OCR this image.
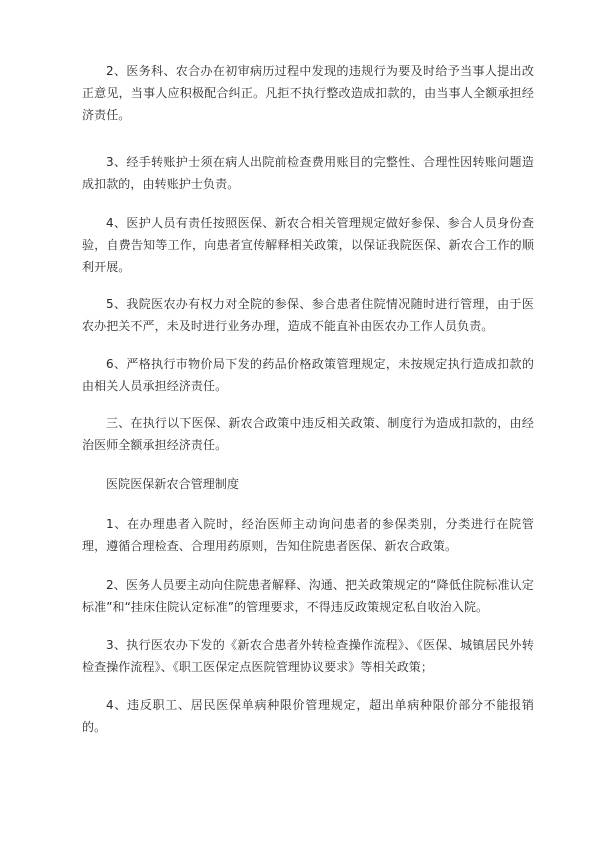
2、医务科、农合办在初审病历过程中发现的违规行为要及时给予当事人提出改正意见，当事人应积极配合纠正。凡拒不执行整改造成扣款的，由当事人全额承担经济责任。

3、经手转账护士须在病人出院前检查费用账目的完整性、合理性因转账问题造成扣款的，由转账护士负责。

4、医护人员有责任按照医保、新农合相关管理规定做好参保、参合人员身份查验，自费告知等工作，向患者宣传解释相关政策，以保证我院医保、新农合工作的顺利开展。

5、我院医农办有权力对全院的参保、参合患者住院情况随时进行管理，由于医农办把关不严，未及时进行业务办理，造成不能直补由医农办工作人员负责。

6、严格执行市物价局下发的药品价格政策管理规定，未按规定执行造成扣款的由相关人员承担经济责任。

三、在执行以下医保、新农合政策中违反相关政策、制度行为造成扣款的，由经治医师全额承担经济责任。

医院医保新农合管理制度

1、在办理患者入院时，经治医师主动询问患者的参保类别，分类进行在院管理，遵循合理检查、合理用药原则，告知住院患者医保、新农合政策。

2、医务人员要主动向住院患者解释、沟通、把关政策规定的“降低住院标准认定标准”和“挂床住院认定标准”的管理要求，不得违反政策规定私自收治入院。

3、执行医农办下发的《新农合患者外转检查操作流程》、《医保、城镇居民外转检查操作流程》、《职工医保定点医院管理协议要求》等相关政策；

4、违反职工、居民医保单病种限价管理规定，超出单病种限价部分不能报销的。
